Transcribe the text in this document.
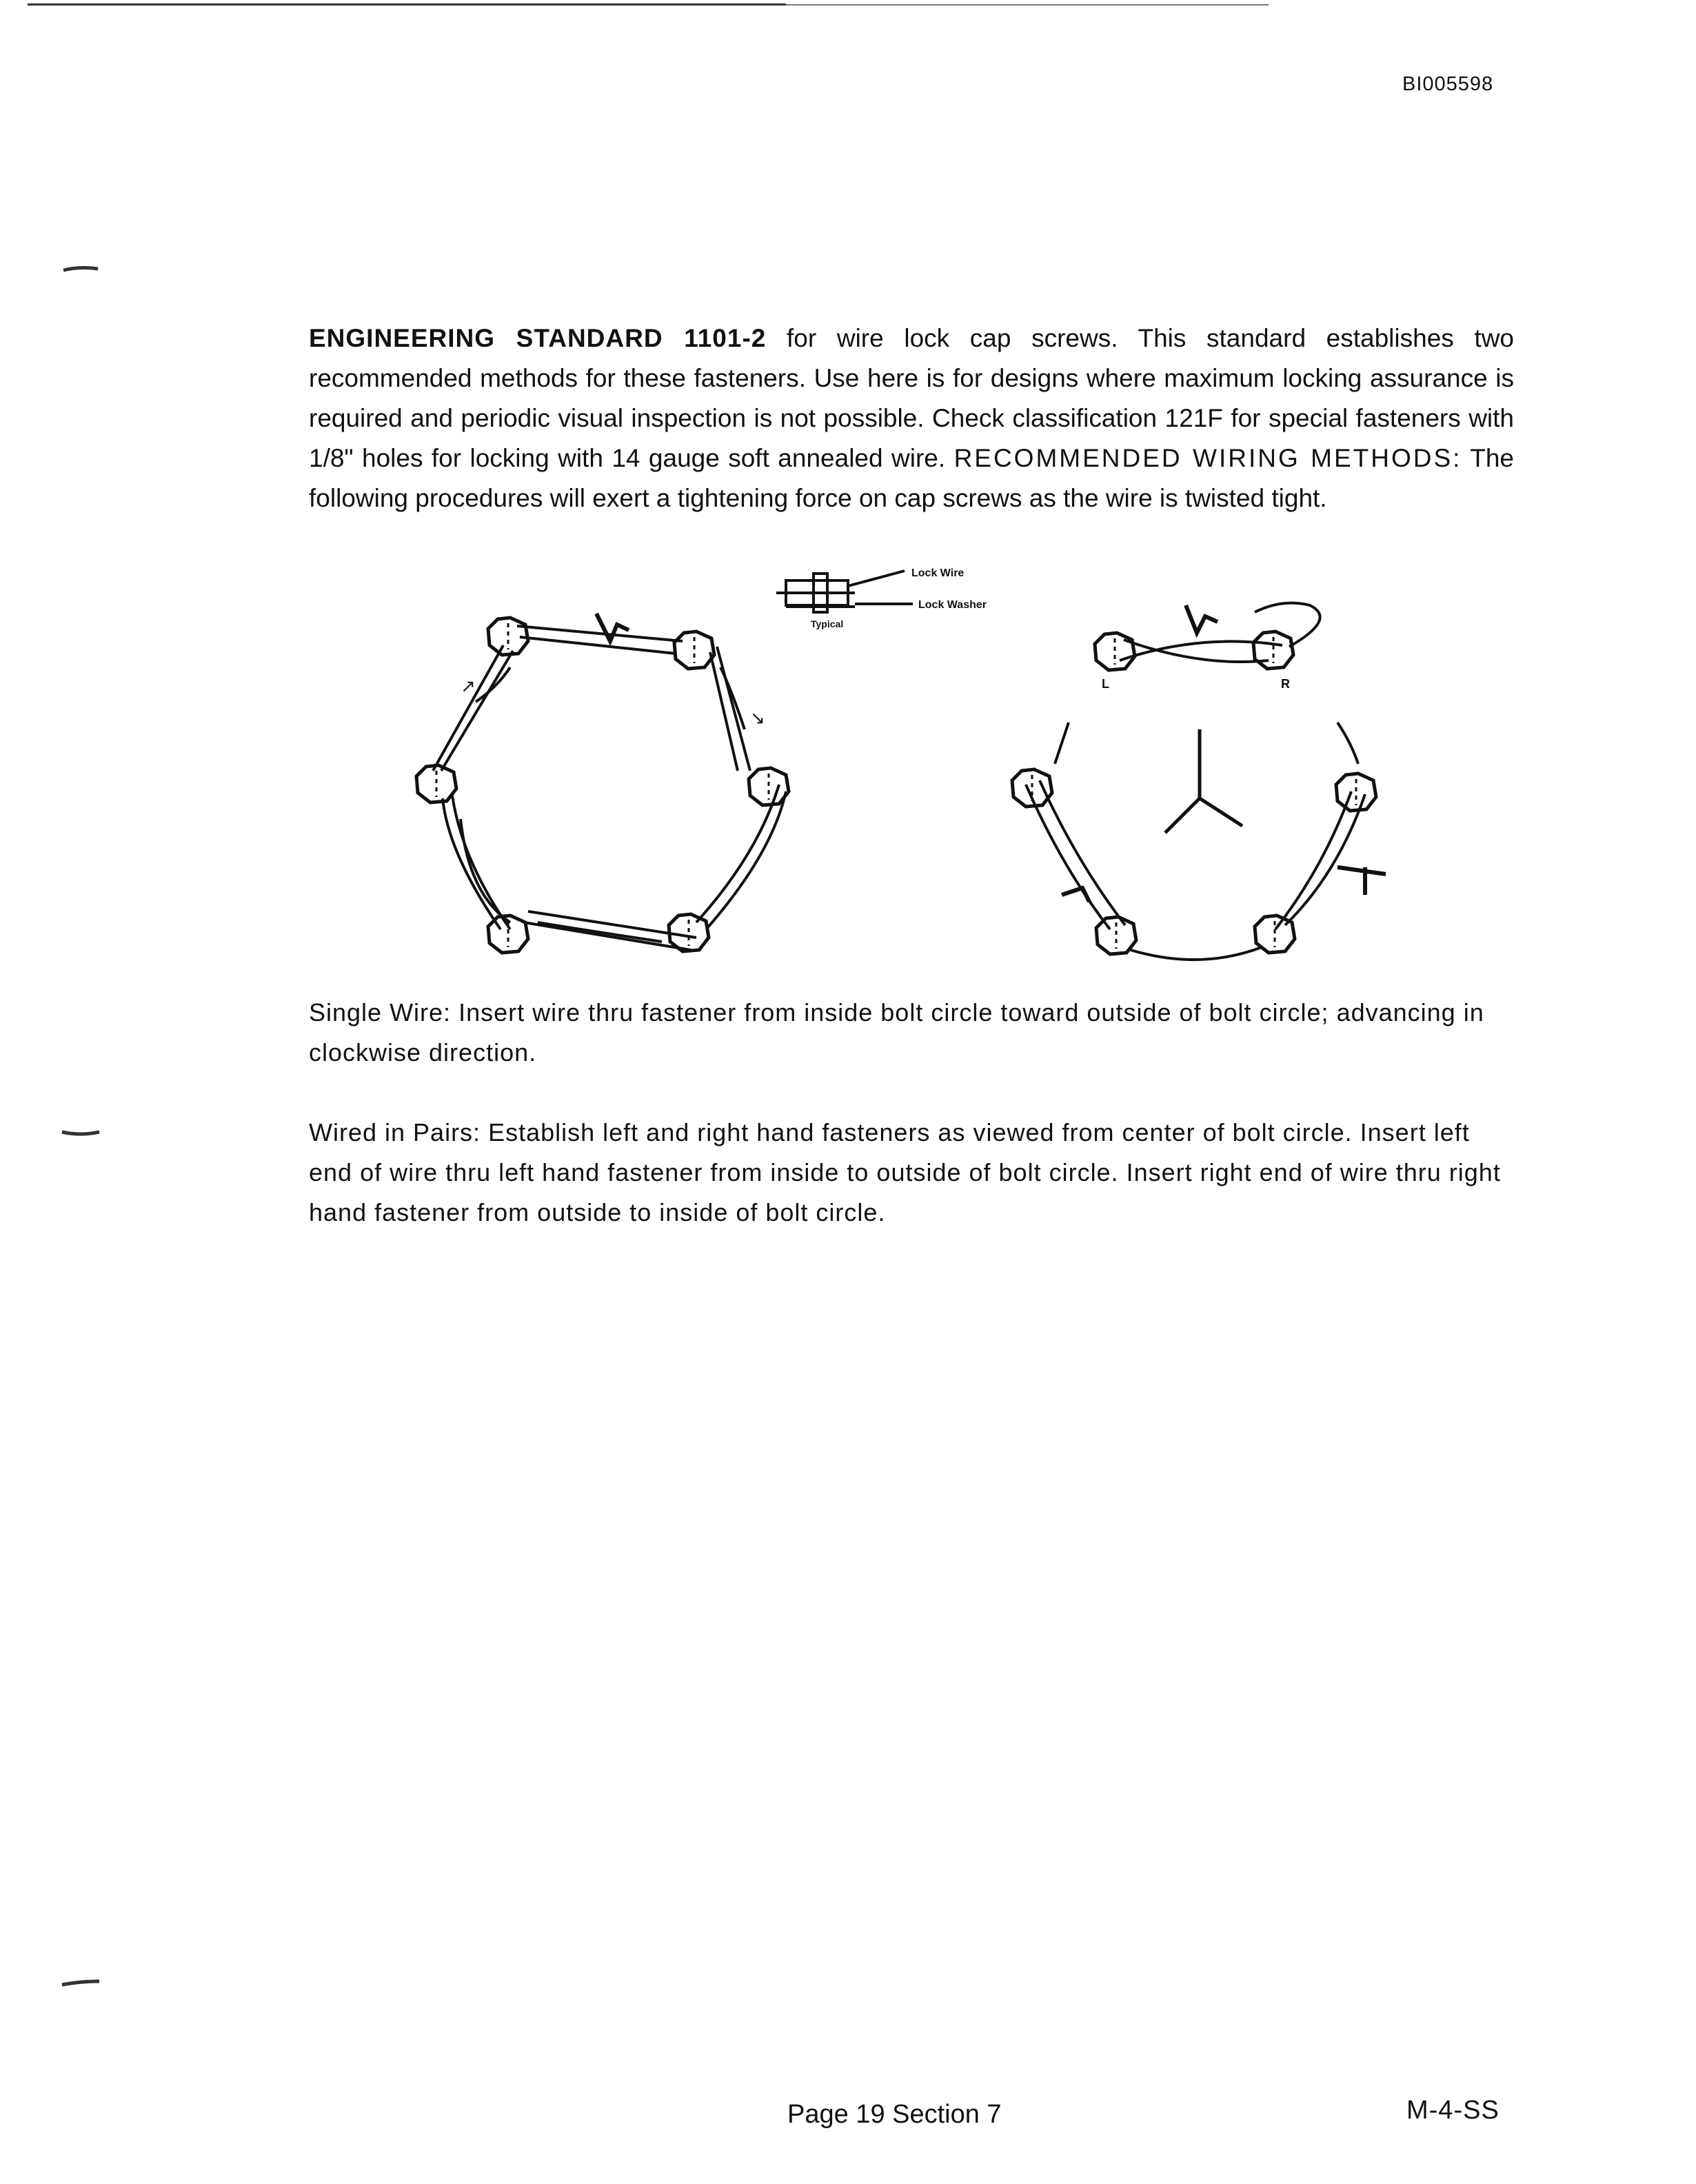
BI005598
ENGINEERING STANDARD 1101-2 for wire lock cap screws. This standard establishes two recommended methods for these fasteners. Use here is for designs where maximum locking assurance is required and periodic visual inspection is not possible. Check classification 121F for special fasteners with 1/8" holes for locking with 14 gauge soft annealed wire. RECOMMENDED WIRING METHODS: The following procedures will exert a tightening force on cap screws as the wire is twisted tight.
↗
↘
Lock Wire
Lock Washer
Typical
L	R
Single Wire: Insert wire thru fastener from inside bolt circle toward outside of bolt circle; advancing in clockwise direction.
Wired in Pairs: Establish left and right hand fasteners as viewed from center of bolt circle. Insert left end of wire thru left hand fastener from inside to outside of bolt circle. Insert right end of wire thru right hand fastener from outside to inside of bolt circle.
Page 19 Section 7	M-4-SS
